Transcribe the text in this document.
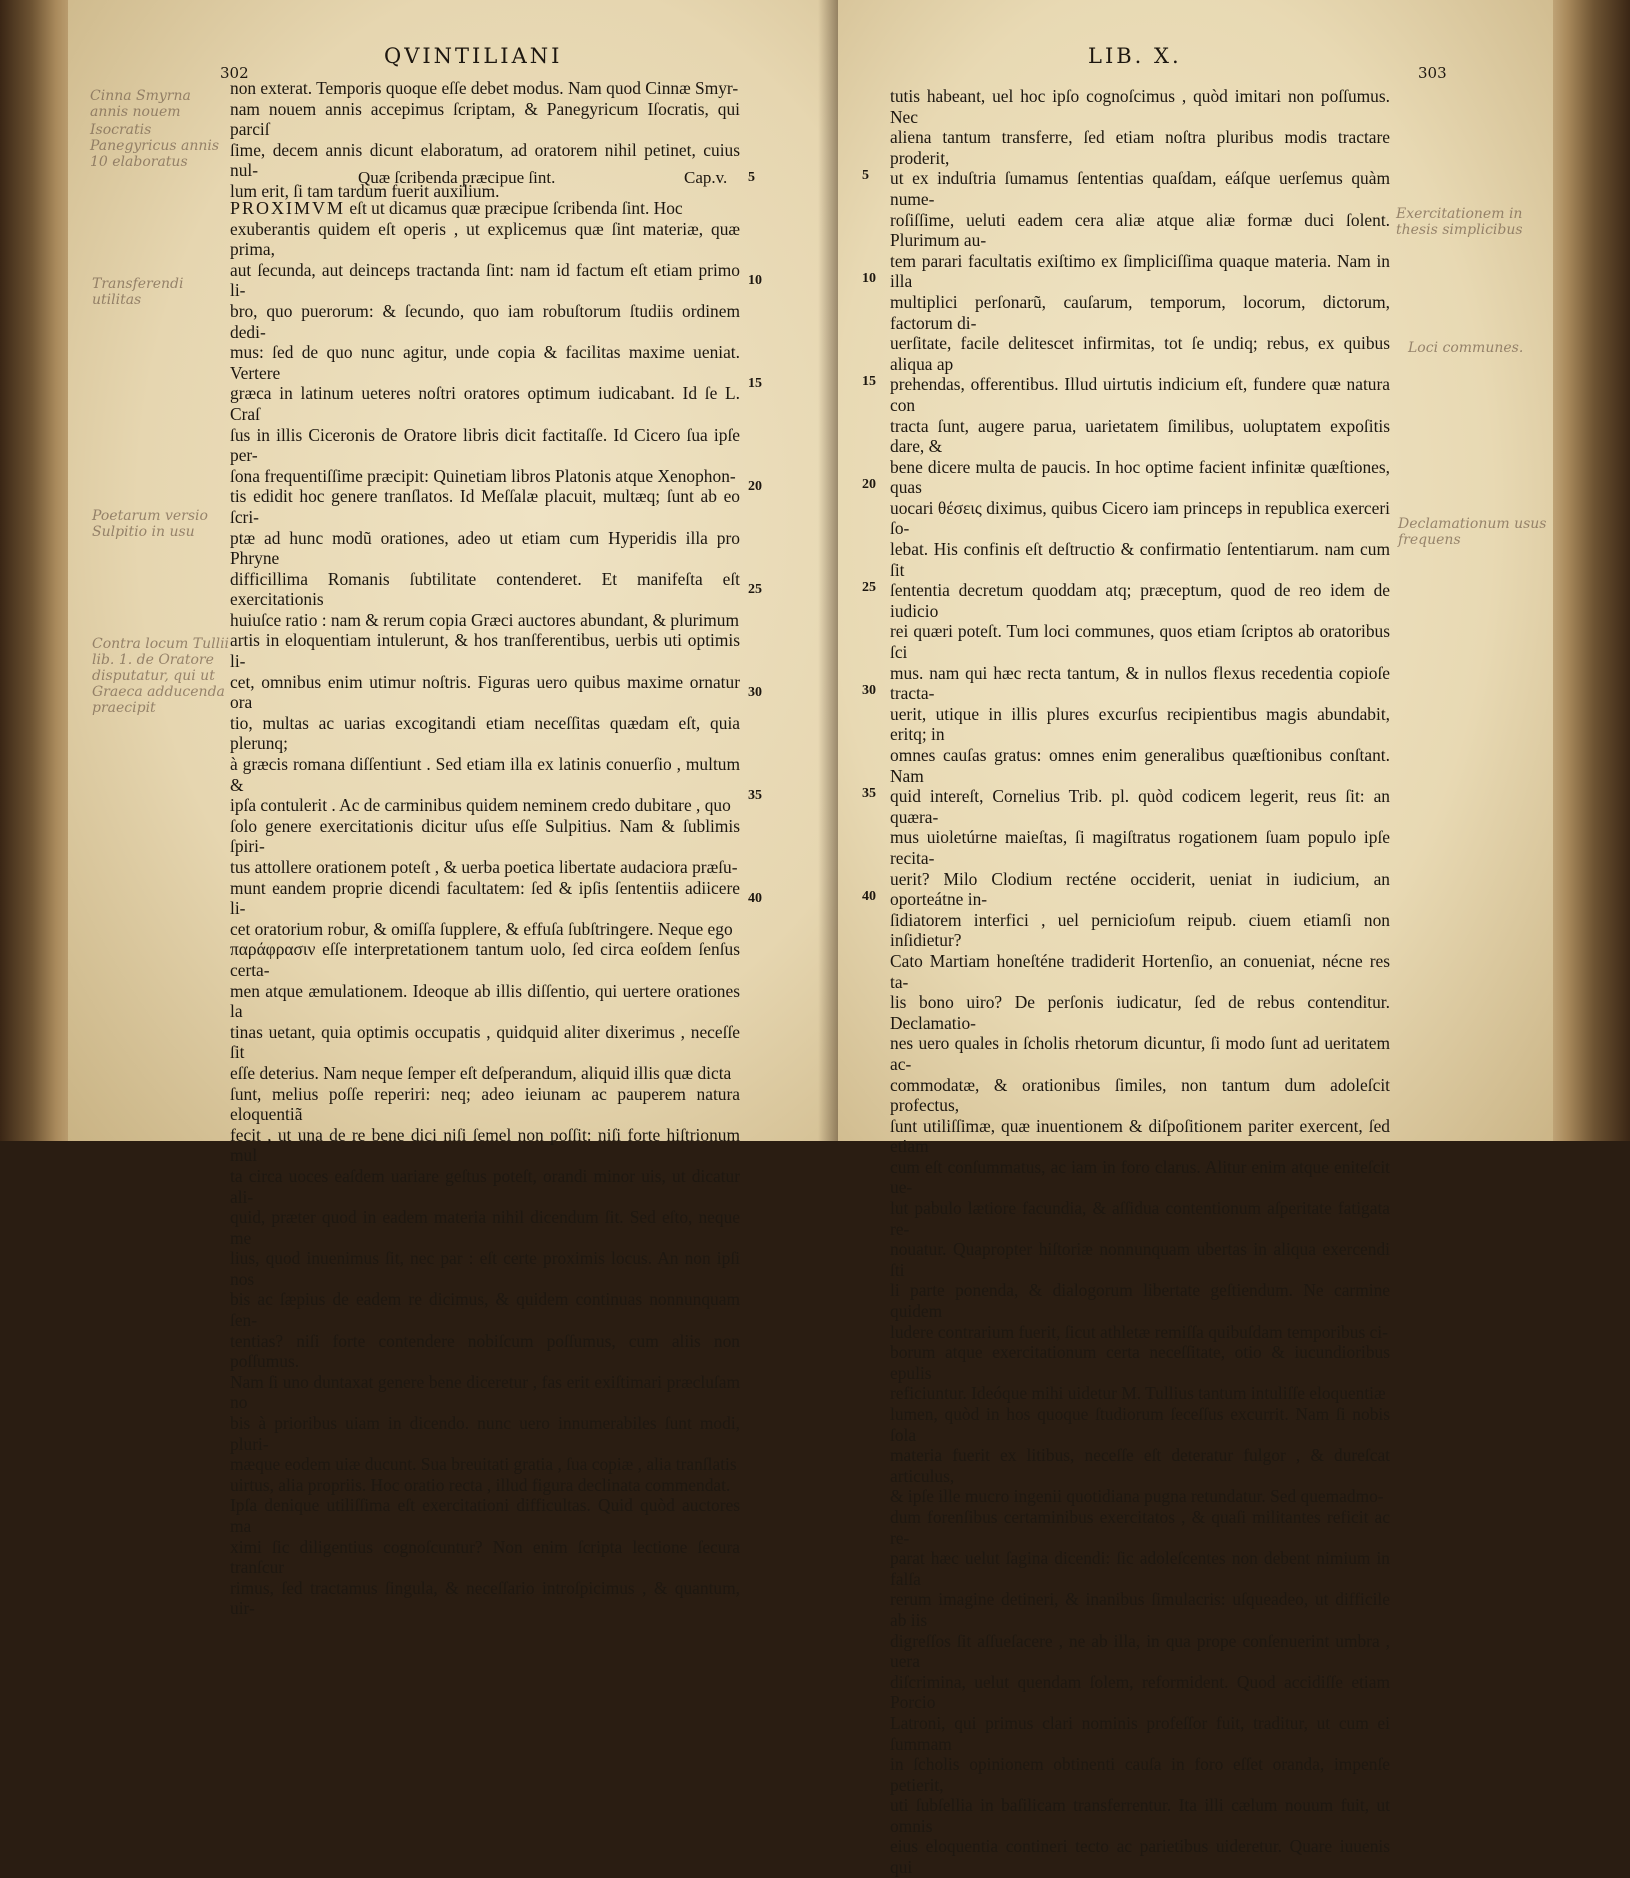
302
QVINTILIANI

non exterat. Temporis quoque eſſe debet modus. Nam quod Cinnæ Smyr-

nam nouem annis accepimus ſcriptam, & Panegyricum Iſocratis, qui parciſ

ſime, decem annis dicunt elaboratum, ad oratorem nihil petinet, cuius nul-

lum erit, ſi tam tardum fuerit auxilium.

Quæ ſcribenda præcipue ſint.	Cap.v.
PROXIMVM eſt ut dicamus quæ præcipue ſcribenda ſint. Hoc

exuberantis quidem eſt operis , ut explicemus quæ ſint materiæ, quæ prima,

aut ſecunda, aut deinceps tractanda ſint: nam id factum eſt etiam primo li-

bro, quo puerorum: & ſecundo, quo iam robuſtorum ſtudiis ordinem dedi-

mus: ſed de quo nunc agitur, unde copia & facilitas maxime ueniat. Vertere

græca in latinum ueteres noſtri oratores optimum iudicabant. Id ſe L. Craſ

ſus in illis Ciceronis de Oratore libris dicit factitaſſe. Id Cicero ſua ipſe per-

ſona frequentiſſime præcipit: Quinetiam libros Platonis atque Xenophon-

tis edidit hoc genere tranſlatos. Id Meſſalæ placuit, multæq; ſunt ab eo ſcri-

ptæ ad hunc modũ orationes, adeo ut etiam cum Hyperidis illa pro Phryne

difficillima Romanis ſubtilitate contenderet. Et manifeſta eſt exercitationis

huiuſce ratio : nam & rerum copia Græci auctores abundant, & plurimum

artis in eloquentiam intulerunt, & hos tranſferentibus, uerbis uti optimis li-

cet, omnibus enim utimur noſtris. Figuras uero quibus maxime ornatur ora

tio, multas ac uarias excogitandi etiam neceſſitas quædam eſt, quia plerunq;

à græcis romana diſſentiunt . Sed etiam illa ex latinis conuerſio , multum &

ipſa contulerit . Ac de carminibus quidem neminem credo dubitare , quo

ſolo genere exercitationis dicitur uſus eſſe Sulpitius. Nam & ſublimis ſpiri-

tus attollere orationem poteſt , & uerba poetica libertate audaciora præſu-

munt eandem proprie dicendi facultatem: ſed & ipſis ſententiis adiicere li-

cet oratorium robur, & omiſſa ſupplere, & effuſa ſubſtringere. Neque ego

παράφρασιν eſſe interpretationem tantum uolo, ſed circa eoſdem ſenſus certa-

men atque æmulationem. Ideoque ab illis diſſentio, qui uertere orationes la

tinas uetant, quia optimis occupatis , quidquid aliter dixerimus , neceſſe ſit

eſſe deterius. Nam neque ſemper eſt deſperandum, aliquid illis quæ dicta

ſunt, melius poſſe reperiri: neq; adeo ieiunam ac pauperem natura eloquentiã

fecit , ut una de re bene dici niſi ſemel non poſſit: niſi forte hiſtrionum mul

ta circa uoces eaſdem uariare geſtus poteſt, orandi minor uis, ut dicatur ali-

quid, præter quod in eadem materia nihil dicendum ſit. Sed eſto, neque me

lius, quod inuenimus ſit, nec par : eſt certe proximis locus. An non ipſi nos

bis ac ſæpius de eadem re dicimus, & quidem continuas nonnunquam ſen-

tentias? niſi forte contendere nobiſcum poſſumus, cum aliis non poſſumus.

Nam ſi uno duntaxat genere bene diceretur , fas erit exiſtimari præcluſam no

bis à prioribus uiam in dicendo. nunc uero innumerabiles ſunt modi, pluri-

mæque eodem uiæ ducunt. Sua breuitati gratia , ſua copiæ , alia tranſlatis

uirtus, alia propriis. Hoc oratio recta , illud figura declinata commendat.

Ipſa denique utiliſſima eſt exercitationi difficultas. Quid quòd auctores ma

ximi ſic diligentius cognoſcuntur? Non enim ſcripta lectione ſecura tranſcur

rimus, ſed tractamus ſingula, & neceſſario introſpicimus , & quantum, uir-

5
10
15
20
25
30
35
40
Cinna Smyrna annis nouem
Isocratis Panegyricus annis 10 elaboratus
Transferendi utilitas
Poetarum versio Sulpitio in usu
Contra locum Tullii lib. 1. de Oratore disputatur, qui ut Graeca adducenda praecipit
LIB. X.
303

tutis habeant, uel hoc ipſo cognoſcimus , quòd imitari non poſſumus. Nec

aliena tantum transferre, ſed etiam noſtra pluribus modis tractare proderit,

ut ex induſtria ſumamus ſententias quaſdam, eáſque uerſemus quàm nume-

roſiſſime, ueluti eadem cera aliæ atque aliæ formæ duci ſolent. Plurimum au-

tem parari facultatis exiſtimo ex ſimpliciſſima quaque materia. Nam in illa

multiplici perſonarũ, cauſarum, temporum, locorum, dictorum, factorum di-

uerſitate, facile delitescet infirmitas, tot ſe undiq; rebus, ex quibus aliqua ap

prehendas, offerentibus. Illud uirtutis indicium eſt, fundere quæ natura con

tracta ſunt, augere parua, uarietatem ſimilibus, uoluptatem expoſitis dare, &

bene dicere multa de paucis. In hoc optime facient infinitæ quæſtiones, quas

uocari θέσεις diximus, quibus Cicero iam princeps in republica exerceri ſo-

lebat. His confinis eſt deſtructio & confirmatio ſententiarum. nam cum ſit

ſententia decretum quoddam atq; præceptum, quod de reo idem de iudicio

rei quæri poteſt. Tum loci communes, quos etiam ſcriptos ab oratoribus ſci

mus. nam qui hæc recta tantum, & in nullos flexus recedentia copioſe tracta-

uerit, utique in illis plures excurſus recipientibus magis abundabit, eritq; in

omnes cauſas gratus: omnes enim generalibus quæſtionibus conſtant. Nam

quid intereſt, Cornelius Trib. pl. quòd codicem legerit, reus ſit: an quæra-

mus uioletúrne maieſtas, ſi magiſtratus rogationem ſuam populo ipſe recita-

uerit? Milo Clodium recténe occiderit, ueniat in iudicium, an oporteátne in-

ſidiatorem interfici , uel pernicioſum reipub. ciuem etiamſi non inſidietur?

Cato Martiam honeſténe tradiderit Hortenſio, an conueniat, nécne res ta-

lis bono uiro? De perſonis iudicatur, ſed de rebus contenditur. Declamatio-

nes uero quales in ſcholis rhetorum dicuntur, ſi modo ſunt ad ueritatem ac-

commodatæ, & orationibus ſimiles, non tantum dum adoleſcit profectus,

ſunt utiliſſimæ, quæ inuentionem & diſpoſitionem pariter exercent, ſed etiam

cum eſt conſummatus, ac iam in foro clarus. Alitur enim atque eniteſcit ue-

lut pabulo lætiore facundia, & aſſidua contentionum aſperitate fatigata re-

nouatur. Quapropter hiſtoriæ nonnunquam ubertas in aliqua exercendi ſti

li parte ponenda, & dialogorum libertate geſtiendum. Ne carmine quidem

ludere contrarium fuerit, ſicut athletæ remiſſa quibuſdam temporibus ci-

borum atque exercitationum certa neceſſitate, otio & iucundioribus epulis

reficiuntur. Ideóque mihi uidetur M. Tullius tantum intuliſſe eloquentiæ

lumen, quòd in hos quoque ſtudiorum ſeceſſus excurrit. Nam ſi nobis ſola

materia fuerit ex litibus, neceſſe eſt deteratur fulgor , & dureſcat articulus,

& ipſe ille mucro ingenii quotidiana pugna retundatur. Sed quemadmo-

dum forenſibus certaminibus exercitatos , & quaſi militantes reficit ac re-

parat hæc uelut ſagina dicendi: ſic adoleſcentes non debent nimium in falſa

rerum imagine detineri, & inanibus ſimulacris: uſqueadeo, ut difficile ab iis

digreſſos ſit aſſueſacere , ne ab illa, in qua prope conſenuerint umbra , uera

diſcrimina, uelut quendam ſolem, reformident. Quod accidiſſe etiam Porcio

Latroni, qui primus clari nominis profeſſor fuit, traditur, ut cum ei ſummam

in ſcholis opinionem obtinenti cauſa in foro eſſet oranda, impenſe petierit,

uti ſubſellia in baſilicam transferrentur. Ita illi cælum nouum fuit, ut omnis

eius eloquentia contineri tecto ac parietibus uideretur. Quare iuuenis qui

5
10
15
20
25
30
35
40
Exercitationem in thesis simplicibus
Loci communes.
Declamationum usus frequens
